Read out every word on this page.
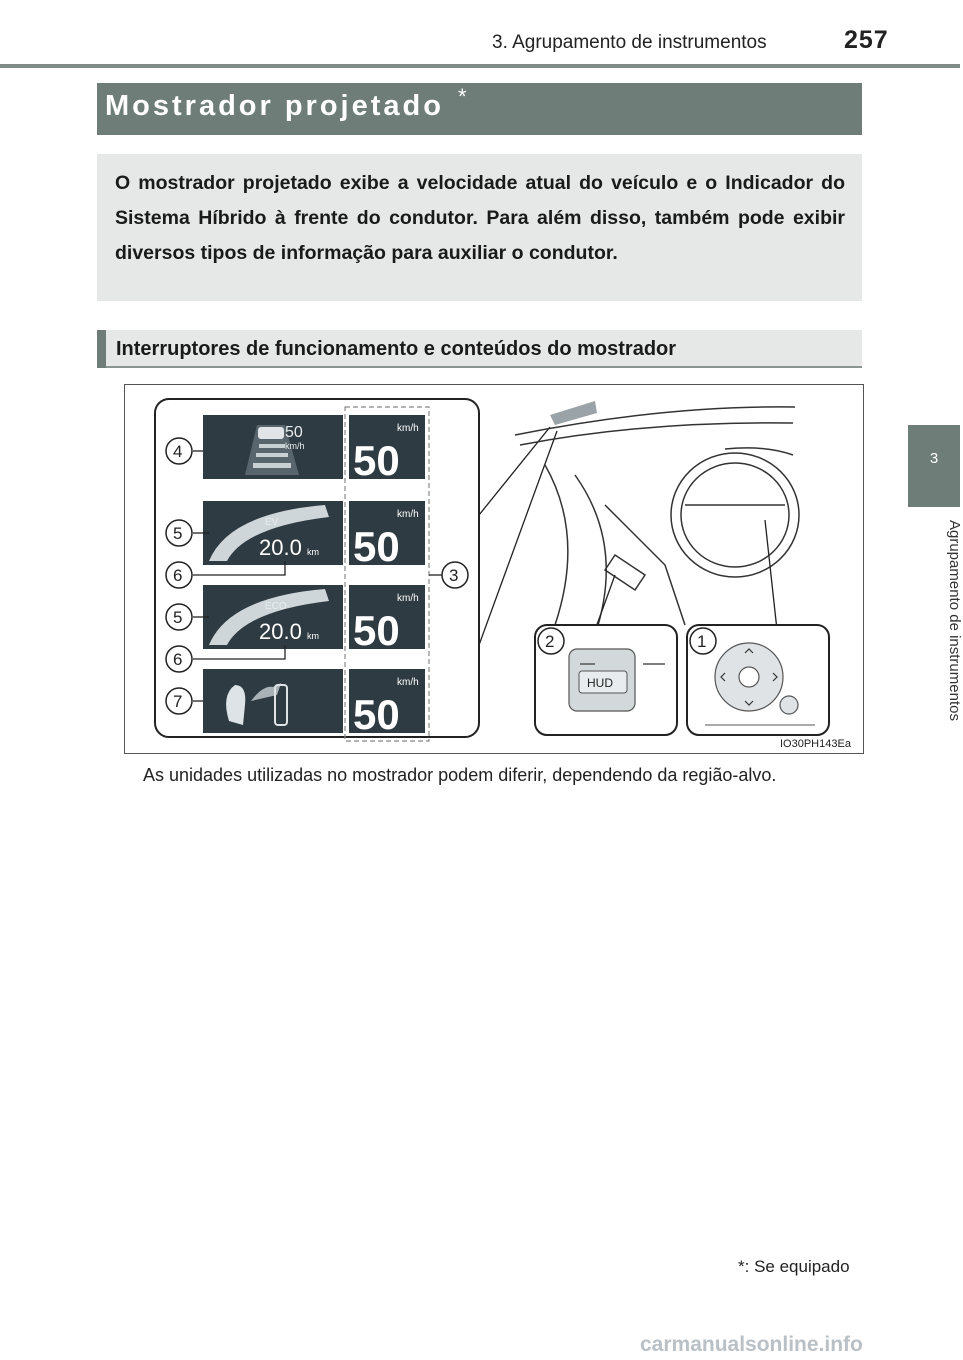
3. Agrupamento de instrumentos	257
3
Agrupamento de instrumentos
Mostrador projetado *
O mostrador projetado exibe a velocidade atual do veículo e o Indicador do Sistema Híbrido à frente do condutor. Para além disso, também pode exibir diversos tipos de informação para auxiliar o condutor.
Interruptores de funcionamento e conteúdos do mostrador
50
km/h
EV
20.0 km
ECO
20.0 km
km/h
50
km/h
50
km/h
50
km/h
50
4
5
6
5
6
7
3
HUD
2	1
IO30PH143Ea
As unidades utilizadas no mostrador podem diferir, dependendo da região-alvo.
*: Se equipado
carmanualsonline.info
